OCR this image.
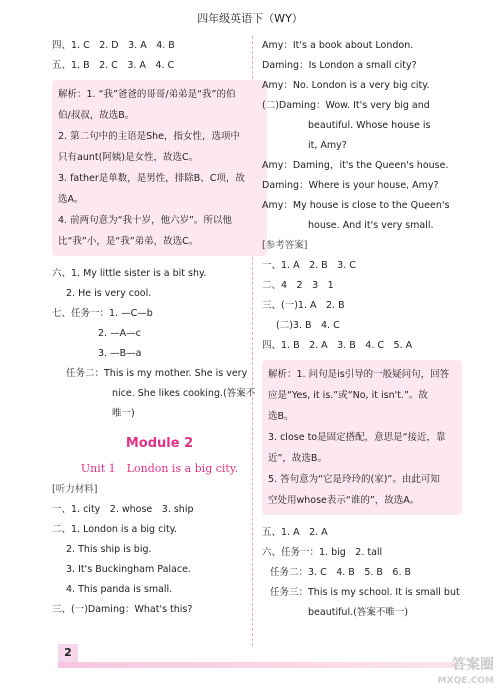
四年级英语下（WY）
四、1. C　2. D　3. A　4. B
五、1. B　2. C　3. A　4. C
解析：1. “我”爸爸的哥哥/弟弟是“我”的伯
伯/叔叔，故选B。
2. 第二句中的主语是She，指女性，选项中
只有aunt(阿姨)是女性，故选C。
3. father是单数，是男性，排除B、C项，故
选A。
4. 前两句意为“我十岁，他六岁”。所以他
比“我”小，是“我”弟弟，故选C。
六、1. My little sister is a bit shy.
2. He is very cool.
七、任务一：1. —C—b
2. —A—c
3. —B—a
任务二：This is my mother. She is very
nice. She likes cooking.(答案不
唯一)
Module 2
Unit 1　London is a big city.
[听力材料]
一、1. city　2. whose　3. ship
二、1. London is a big city.
2. This ship is big.
3. It's Buckingham Palace.
4. This panda is small.
三、(一)Daming：What's this?
Amy：It's a book about London.
Daming：Is London a small city?
Amy：No. London is a very big city.
(二)Daming：Wow. It's very big and
beautiful. Whose house is
it, Amy?
Amy：Daming，it's the Queen's house.
Daming：Where is your house, Amy?
Amy：My house is close to the Queen's
house. And it's very small.
[参考答案]
一、1. A　2. B　3. C
二、4　2　3　1
三、(一)1. A　2. B
(二)3. B　4. C
四、1. B　2. A　3. B　4. C　5. A
解析：1. 问句是is引导的一般疑问句，回答
应是“Yes, it is.”或“No, it isn't.”。故
选B。
3. close to是固定搭配，意思是“接近，靠
近”，故选B。
5. 答句意为“它是玲玲的(家)”。由此可知
空处用whose表示“谁的”，故选A。
五、1. A　2. A
六、任务一：1. big　2. tall
任务二：3. C　4. B　5. B　6. B
任务三：This is my school. It is small but
beautiful.(答案不唯一)
2
答案圈
MXQE.COM
